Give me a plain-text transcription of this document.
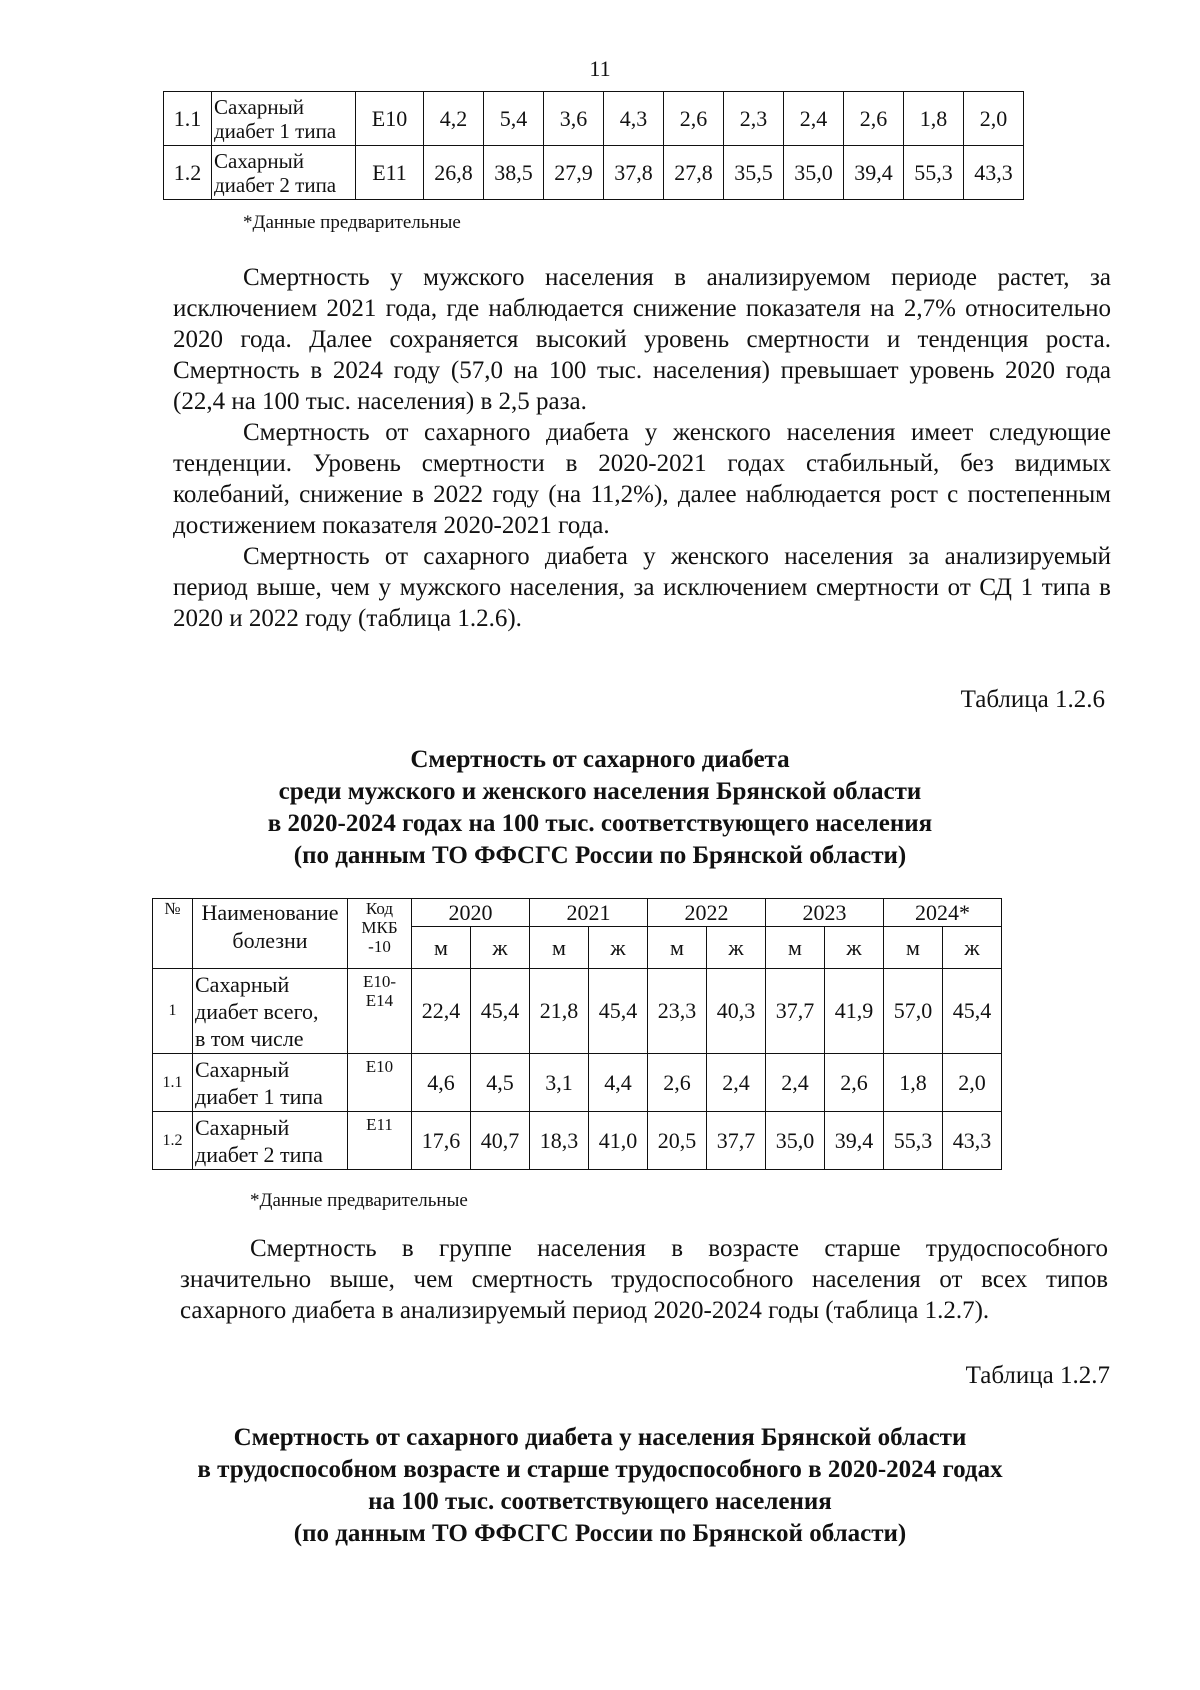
11
1.1	Сахарный
диабет 1 типа	E10	4,2	5,4	3,6	4,3	2,6	2,3	2,4	2,6	1,8	2,0
1.2	Сахарный
диабет 2 типа	E11	26,8	38,5	27,9	37,8	27,8	35,5	35,0	39,4	55,3	43,3
*Данные предварительные

Смертность у мужского населения в анализируемом периоде растет, за исключением 2021 года, где наблюдается снижение показателя на 2,7% относительно 2020 года. Далее сохраняется высокий уровень смертности и тенденция роста. Смертность в 2024 году (57,0 на 100 тыс. населения) превышает уровень 2020 года (22,4 на 100 тыс. населения) в 2,5 раза.

Смертность от сахарного диабета у женского населения имеет следующие тенденции. Уровень смертности в 2020-2021 годах стабильный, без видимых колебаний, снижение в 2022 году (на 11,2%), далее наблюдается рост с постепенным достижением показателя 2020-2021 года.

Смертность от сахарного диабета у женского населения за анализируемый период выше, чем у мужского населения, за исключением смертности от СД 1 типа в 2020 и 2022 году (таблица 1.2.6).

Таблица 1.2.6
Смертность от сахарного диабета
среди мужского и женского населения Брянской области
в 2020-2024 годах на 100 тыс. соответствующего населения
(по данным ТО ФФСГС России по Брянской области)
№	Наименование
болезни	Код
МКБ
-10	2020		2021		2022		2023		2024*	
			м	ж	м	ж	м	ж	м	ж	м	ж
1	Сахарный
диабет всего,
в том числе	E10-
E14	22,4	45,4	21,8	45,4	23,3	40,3	37,7	41,9	57,0	45,4
1.1	Сахарный
диабет 1 типа	E10	4,6	4,5	3,1	4,4	2,6	2,4	2,4	2,6	1,8	2,0
1.2	Сахарный
диабет 2 типа	E11	17,6	40,7	18,3	41,0	20,5	37,7	35,0	39,4	55,3	43,3
*Данные предварительные

Смертность в группе населения в возрасте старше трудоспособного значительно выше, чем смертность трудоспособного населения от всех типов сахарного диабета в анализируемый период 2020-2024 годы (таблица 1.2.7).

Таблица 1.2.7
Смертность от сахарного диабета у населения Брянской области
в трудоспособном возрасте и старше трудоспособного в 2020-2024 годах
на 100 тыс. соответствующего населения
(по данным ТО ФФСГС России по Брянской области)
